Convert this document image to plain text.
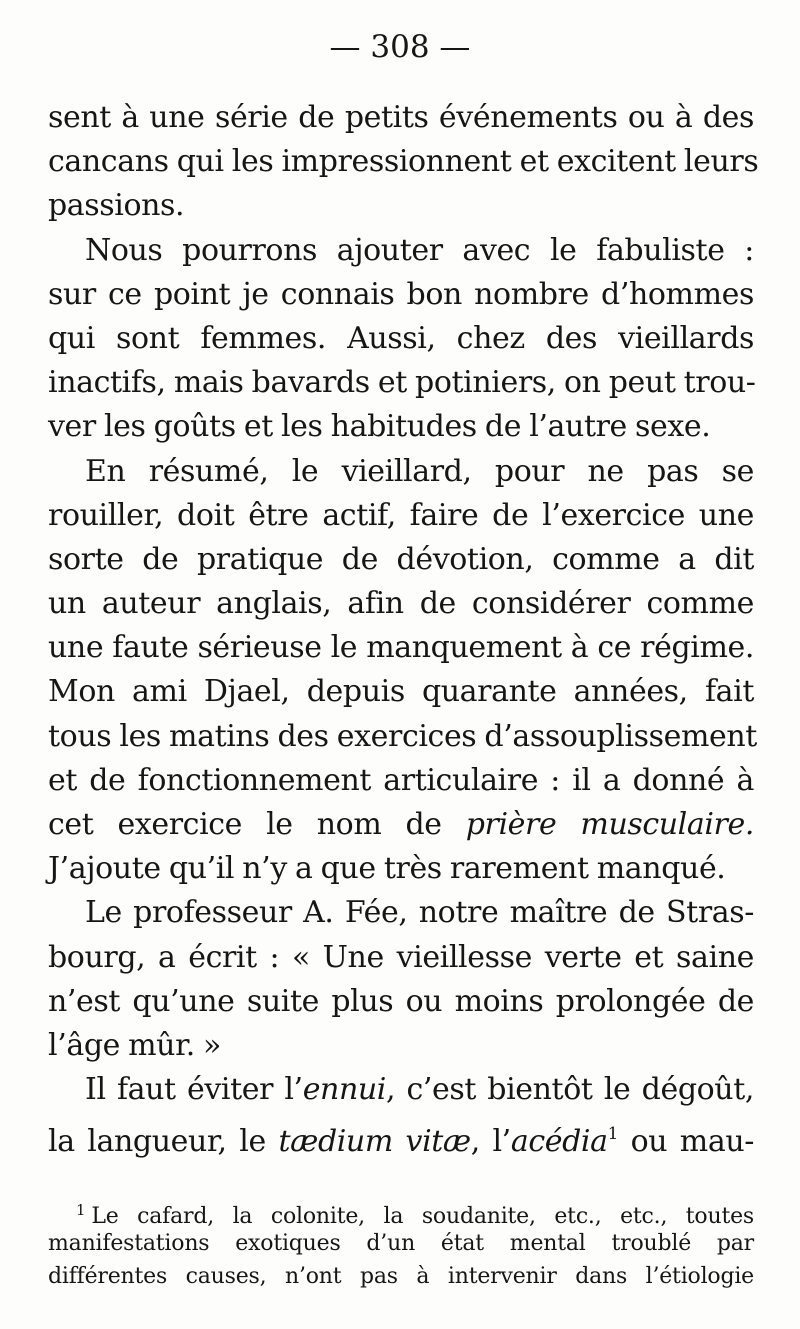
— 308 —
sent à une série de petits événements ou à des
cancans qui les impressionnent et excitent leurs
passions.
Nous pourrons ajouter avec le fabuliste :
sur ce point je connais bon nombre d’hommes
qui sont femmes. Aussi, chez des vieillards
inactifs, mais bavards et potiniers, on peut trou-
ver les goûts et les habitudes de l’autre sexe.
En résumé, le vieillard, pour ne pas se
rouiller, doit être actif, faire de l’exercice une
sorte de pratique de dévotion, comme a dit
un auteur anglais, afin de considérer comme
une faute sérieuse le manquement à ce régime.
Mon ami Djael, depuis quarante années, fait
tous les matins des exercices d’assouplissement
et de fonctionnement articulaire : il a donné à
cet exercice le nom de prière musculaire.
J’ajoute qu’il n’y a que très rarement manqué.
Le professeur A. Fée, notre maître de Stras-
bourg, a écrit : « Une vieillesse verte et saine
n’est qu’une suite plus ou moins prolongée de
l’âge mûr. »
Il faut éviter l’ennui, c’est bientôt le dégoût,
la langueur, le tædium vitæ, l’acédia$^1$ ou mau-
$^1$ Le cafard, la colonite, la soudanite, etc., etc., toutes
manifestations exotiques d’un état mental troublé par
différentes causes, n’ont pas à intervenir dans l’étiologie
